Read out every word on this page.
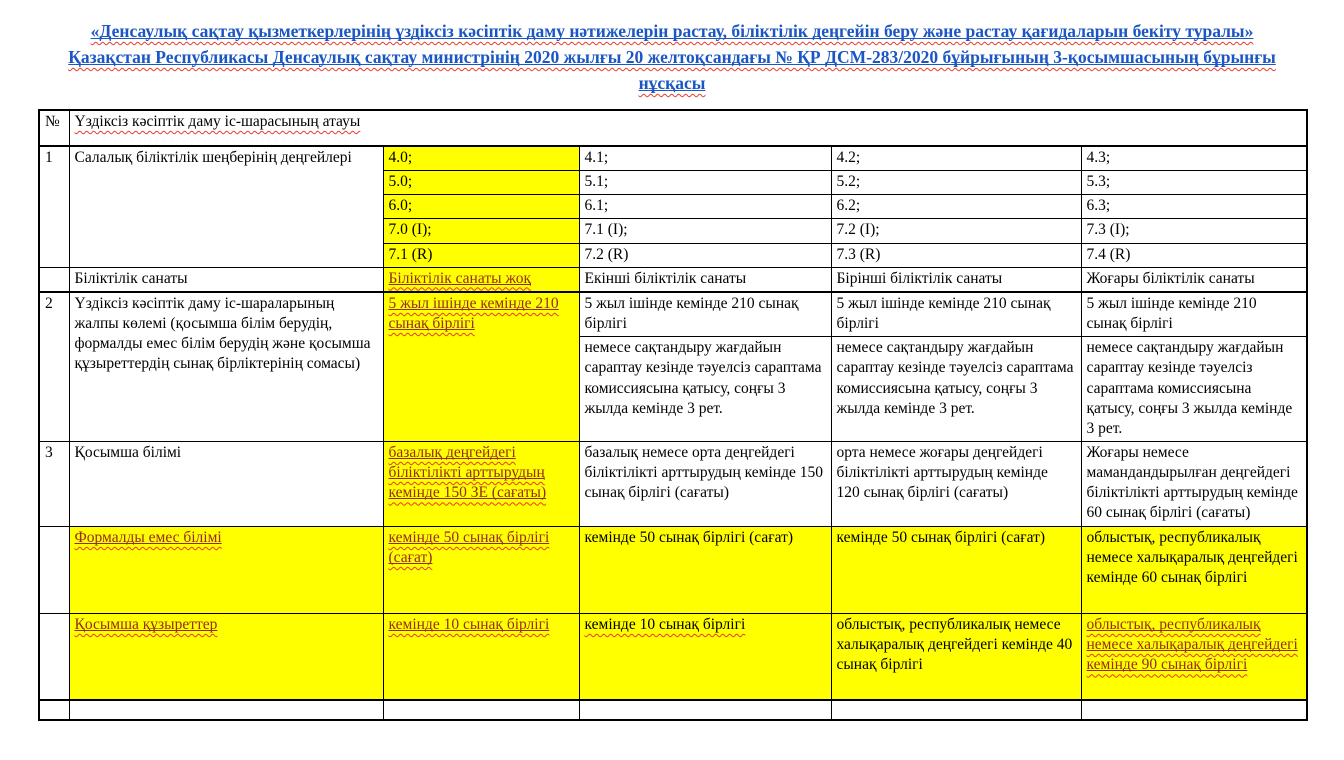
«Денсаулық сақтау қызметкерлерінің үздіксіз кәсіптік даму нәтижелерін растау, біліктілік деңгейін беру және растау қағидаларын бекіту туралы» Қазақстан Республикасы Денсаулық сақтау министрінің 2020 жылғы 20 желтоқсандағы № ҚР ДСМ-283/2020 бұйрығының 3-қосымшасының бұрынғы нұсқасы
№	Үздіксіз кәсіптік даму іс-шарасының атауы				
1	Салалық біліктілік шеңберінің деңгейлері	4.0;	4.1;	4.2;	4.3;
		5.0;	5.1;	5.2;	5.3;
		6.0;	6.1;	6.2;	6.3;
		7.0 (I);	7.1 (I);	7.2 (I);	7.3 (I);
		7.1 (R)	7.2 (R)	7.3 (R)	7.4 (R)
	Біліктілік санаты	Біліктілік санаты жоқ	Екінші біліктілік санаты	Бірінші біліктілік санаты	Жоғары біліктілік санаты
2	Үздіксіз кәсіптік даму іс-шараларының жалпы көлемі (қосымша білім берудің, формалды емес білім берудің және қосымша құзыреттердің сынақ бірліктерінің сомасы)	5 жыл ішінде кемінде 210 сынақ бірлігі	5 жыл ішінде кемінде 210 сынақ бірлігі	5 жыл ішінде кемінде 210 сынақ бірлігі	5 жыл ішінде кемінде 210 сынақ бірлігі
			немесе сақтандыру жағдайын сараптау кезінде тәуелсіз сараптама комиссиясына қатысу, соңғы 3 жылда кемінде 3 рет.	немесе сақтандыру жағдайын сараптау кезінде тәуелсіз сараптама комиссиясына қатысу, соңғы 3 жылда кемінде 3 рет.	немесе сақтандыру жағдайын сараптау кезінде тәуелсіз сараптама комиссиясына қатысу, соңғы 3 жылда кемінде 3 рет.
3	Қосымша білімі	базалық деңгейдегі біліктілікті арттырудың кемінде 150 ЗЕ (сағаты)	базалық немесе орта деңгейдегі біліктілікті арттырудың кемінде 150 сынақ бірлігі (сағаты)	орта немесе жоғары деңгейдегі біліктілікті арттырудың кемінде 120 сынақ бірлігі (сағаты)	Жоғары немесе мамандандырылған деңгейдегі біліктілікті арттырудың кемінде 60 сынақ бірлігі (сағаты)
	Формалды емес білімі	кемінде 50 сынақ бірлігі (сағат)	кемінде 50 сынақ бірлігі (сағат)	кемінде 50 сынақ бірлігі (сағат)	облыстық, республикалық немесе халықаралық деңгейдегі кемінде 60 сынақ бірлігі
	Қосымша құзыреттер	кемінде 10 сынақ бірлігі	кемінде 10 сынақ бірлігі	облыстық, республикалық немесе халықаралық деңгейдегі кемінде 40 сынақ бірлігі	облыстық, республикалық немесе халықаралық деңгейдегі кемінде 90 сынақ бірлігі
